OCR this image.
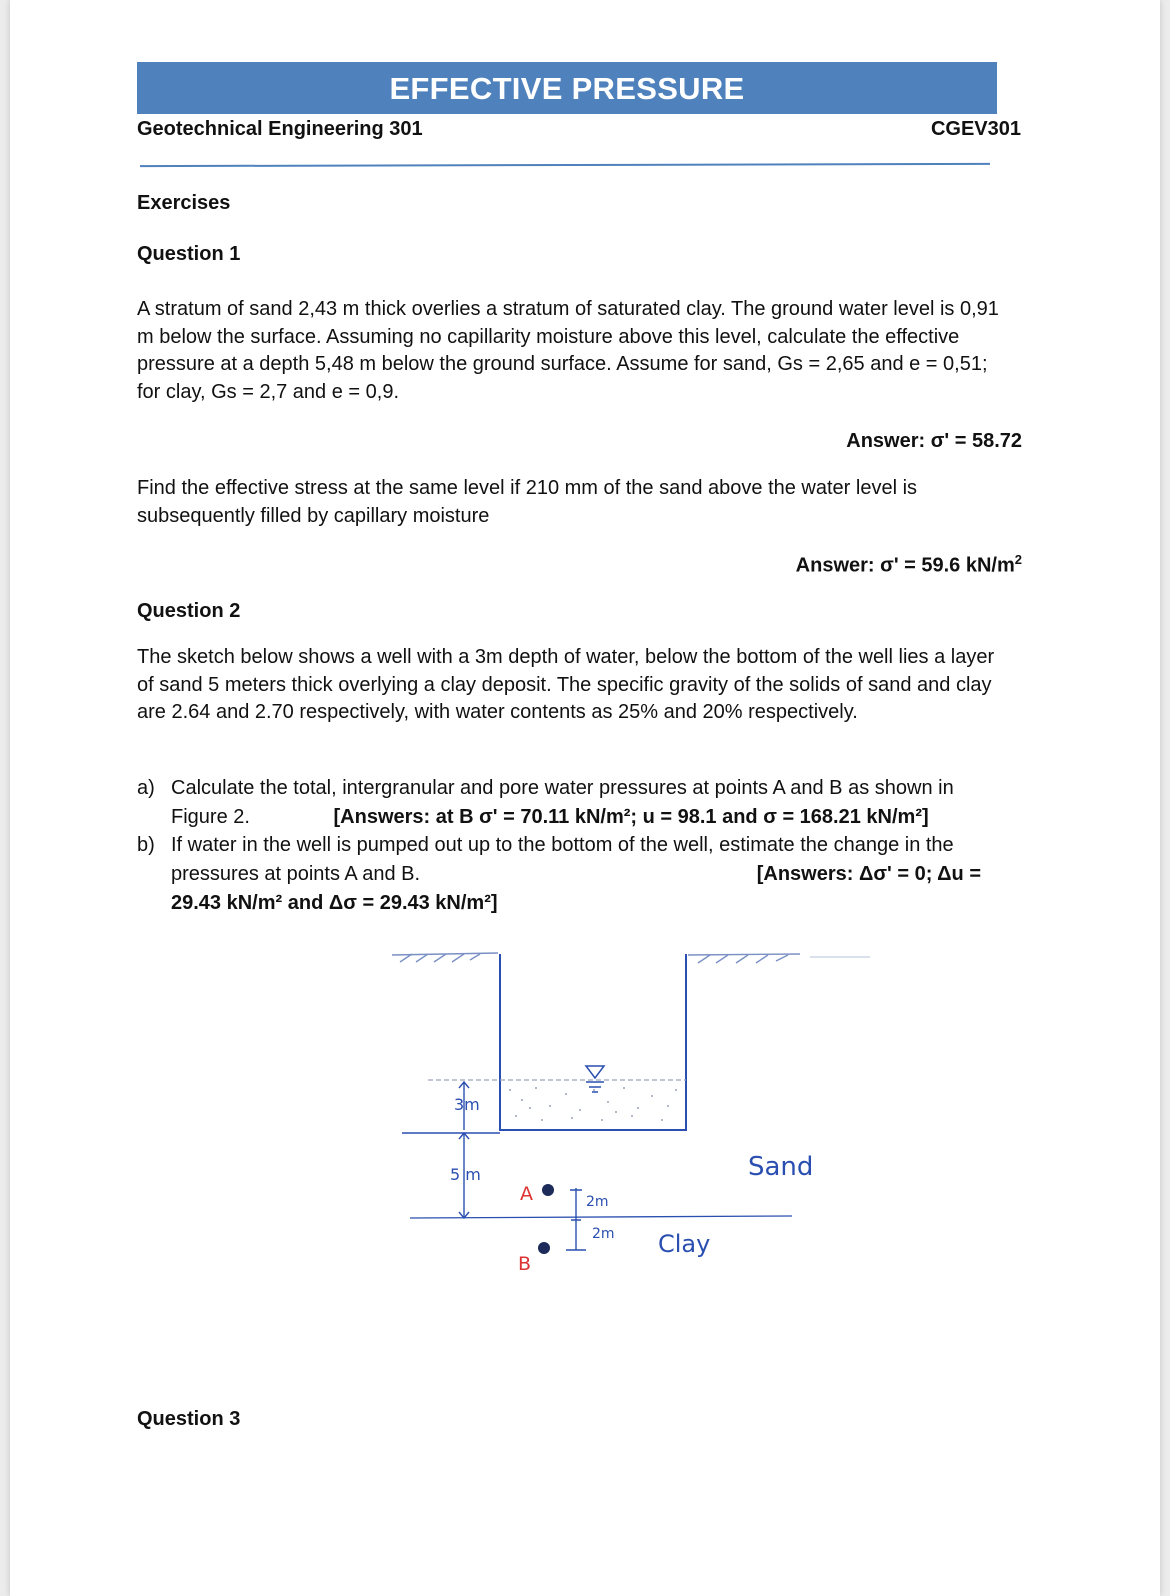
EFFECTIVE PRESSURE
Geotechnical Engineering 301	CGEV301
Exercises
Question 1
A stratum of sand 2,43 m thick overlies a stratum of saturated clay. The ground water level is 0,91 m below the surface. Assuming no capillarity moisture above this level, calculate the effective pressure at a depth 5,48 m below the ground surface. Assume for sand, Gs = 2,65 and e = 0,51; for clay, Gs = 2,7 and e = 0,9.
Answer: σ' = 58.72
Find the effective stress at the same level if 210 mm of the sand above the water level is subsequently filled by capillary moisture
Answer: σ' = 59.6 $kN/m^2$
Question 2
The sketch below shows a well with a 3m depth of water, below the bottom of the well lies a layer of sand 5 meters thick overlying a clay deposit. The specific gravity of the solids of sand and clay are 2.64 and 2.70 respectively, with water contents as 25% and 20% respectively.
a) Calculate the total, intergranular and pore water pressures at points A and B as shown in
Figure 2.	[Answers: at B σ' = 70.11 kN/m²; u = 98.1 and σ = 168.21 kN/m²]
b) If water in the well is pumped out up to the bottom of the well, estimate the change in the
pressures at points A and B.	[Answers: Δσ' = 0; Δu =

29.43 kN/m² and Δσ = 29.43 kN/m²]
3m
5 m	Sand
Clay
A
B
2m
2m
Question 3
